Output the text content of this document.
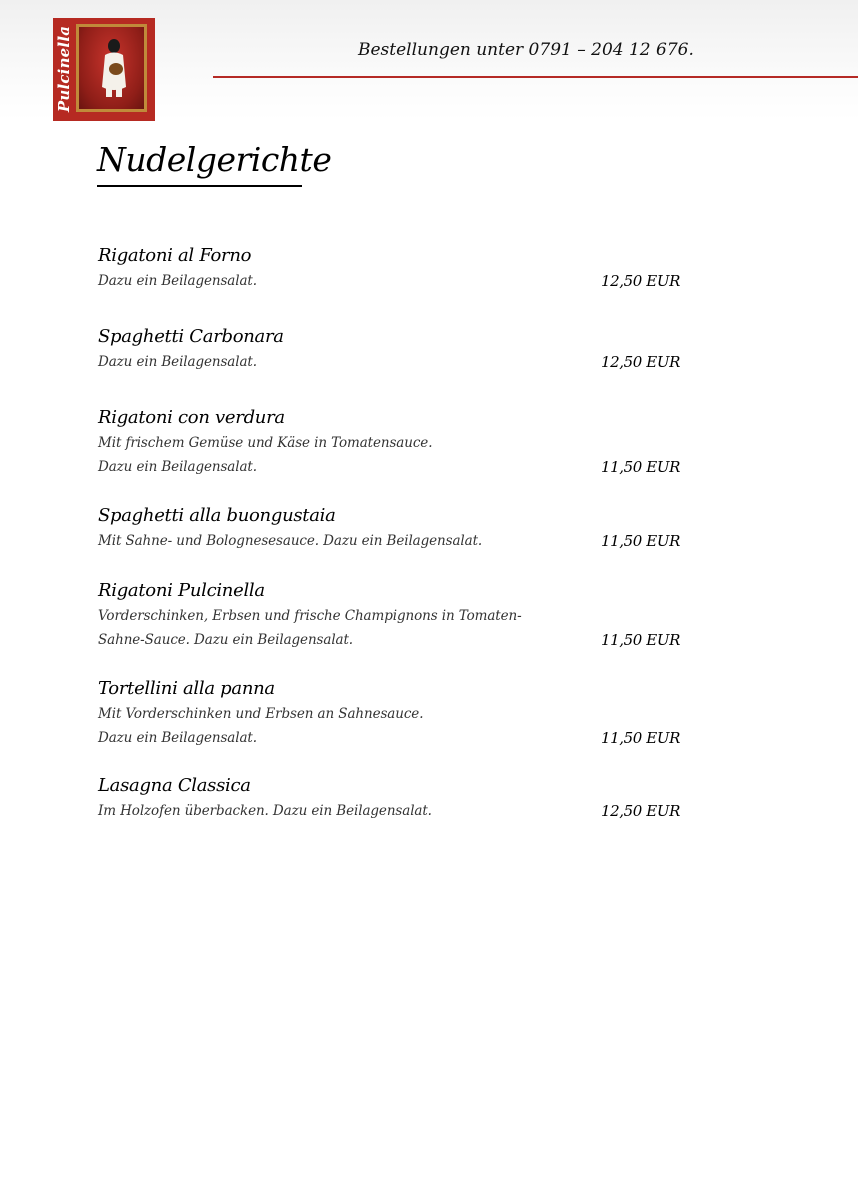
Pulcinella	Bestellungen unter 0791 – 204 12 676.
Nudelgerichte
Rigatoni al Forno
Dazu ein Beilagensalat.	12,50 EUR
Spaghetti Carbonara
Dazu ein Beilagensalat.	12,50 EUR
Rigatoni con verdura
Mit frischem Gemüse und Käse in Tomatensauce.
Dazu ein Beilagensalat.	11,50 EUR
Spaghetti alla buongustaia
Mit Sahne- und Bolognesesauce. Dazu ein Beilagensalat.	11,50 EUR
Rigatoni Pulcinella
Vorderschinken, Erbsen und frische Champignons in Tomaten-
Sahne-Sauce. Dazu ein Beilagensalat.	11,50 EUR
Tortellini alla panna
Mit Vorderschinken und Erbsen an Sahnesauce.
Dazu ein Beilagensalat.	11,50 EUR
Lasagna Classica
Im Holzofen überbacken. Dazu ein Beilagensalat.	12,50 EUR
